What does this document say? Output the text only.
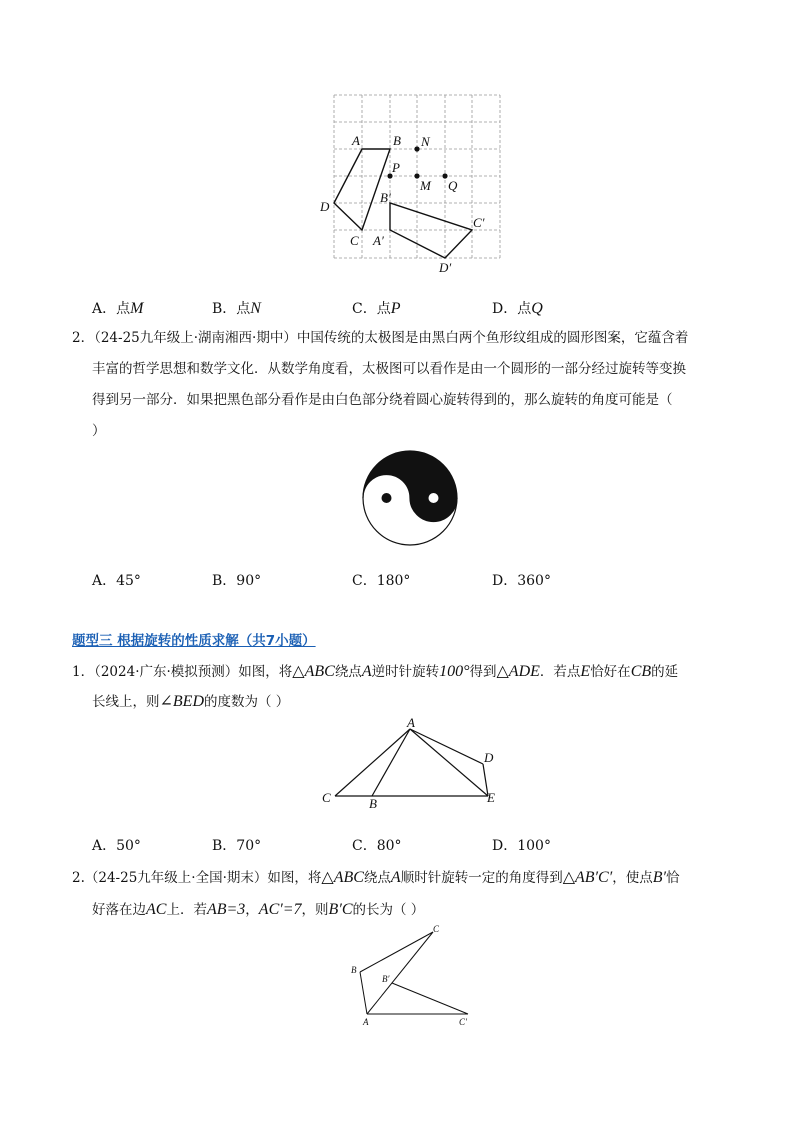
A	B N
P
M Q
D
B′
C A′
C′
D′
A．点M	B．点N	C．点P	D．点Q
2．（24-25九年级上·湖南湘西·期中）中国传统的太极图是由黑白两个鱼形纹组成的圆形图案，它蕴含着
丰富的哲学思想和数学文化．从数学角度看，太极图可以看作是由一个圆形的一部分经过旋转等变换
得到另一部分．如果把黑色部分看作是由白色部分绕着圆心旋转得到的，那么旋转的角度可能是（
）
A．45°	B．90°	C．180°	D．360°
题型三 根据旋转的性质求解（共7小题）
1．（2024·广东·模拟预测）如图，将△ABC绕点A逆时针旋转100°得到△ADE．若点E恰好在CB的延
长线上，则∠BED的度数为（ ）
A
D
C	B	E
A．50°	B．70°	C．80°	D．100°
2.（24-25九年级上·全国·期末）如图，将△ABC绕点A顺时针旋转一定的角度得到△AB′C′，使点B′恰
好落在边AC上．若AB=3，AC′=7，则B′C的长为（ ）
C
B
B′
A	C′
